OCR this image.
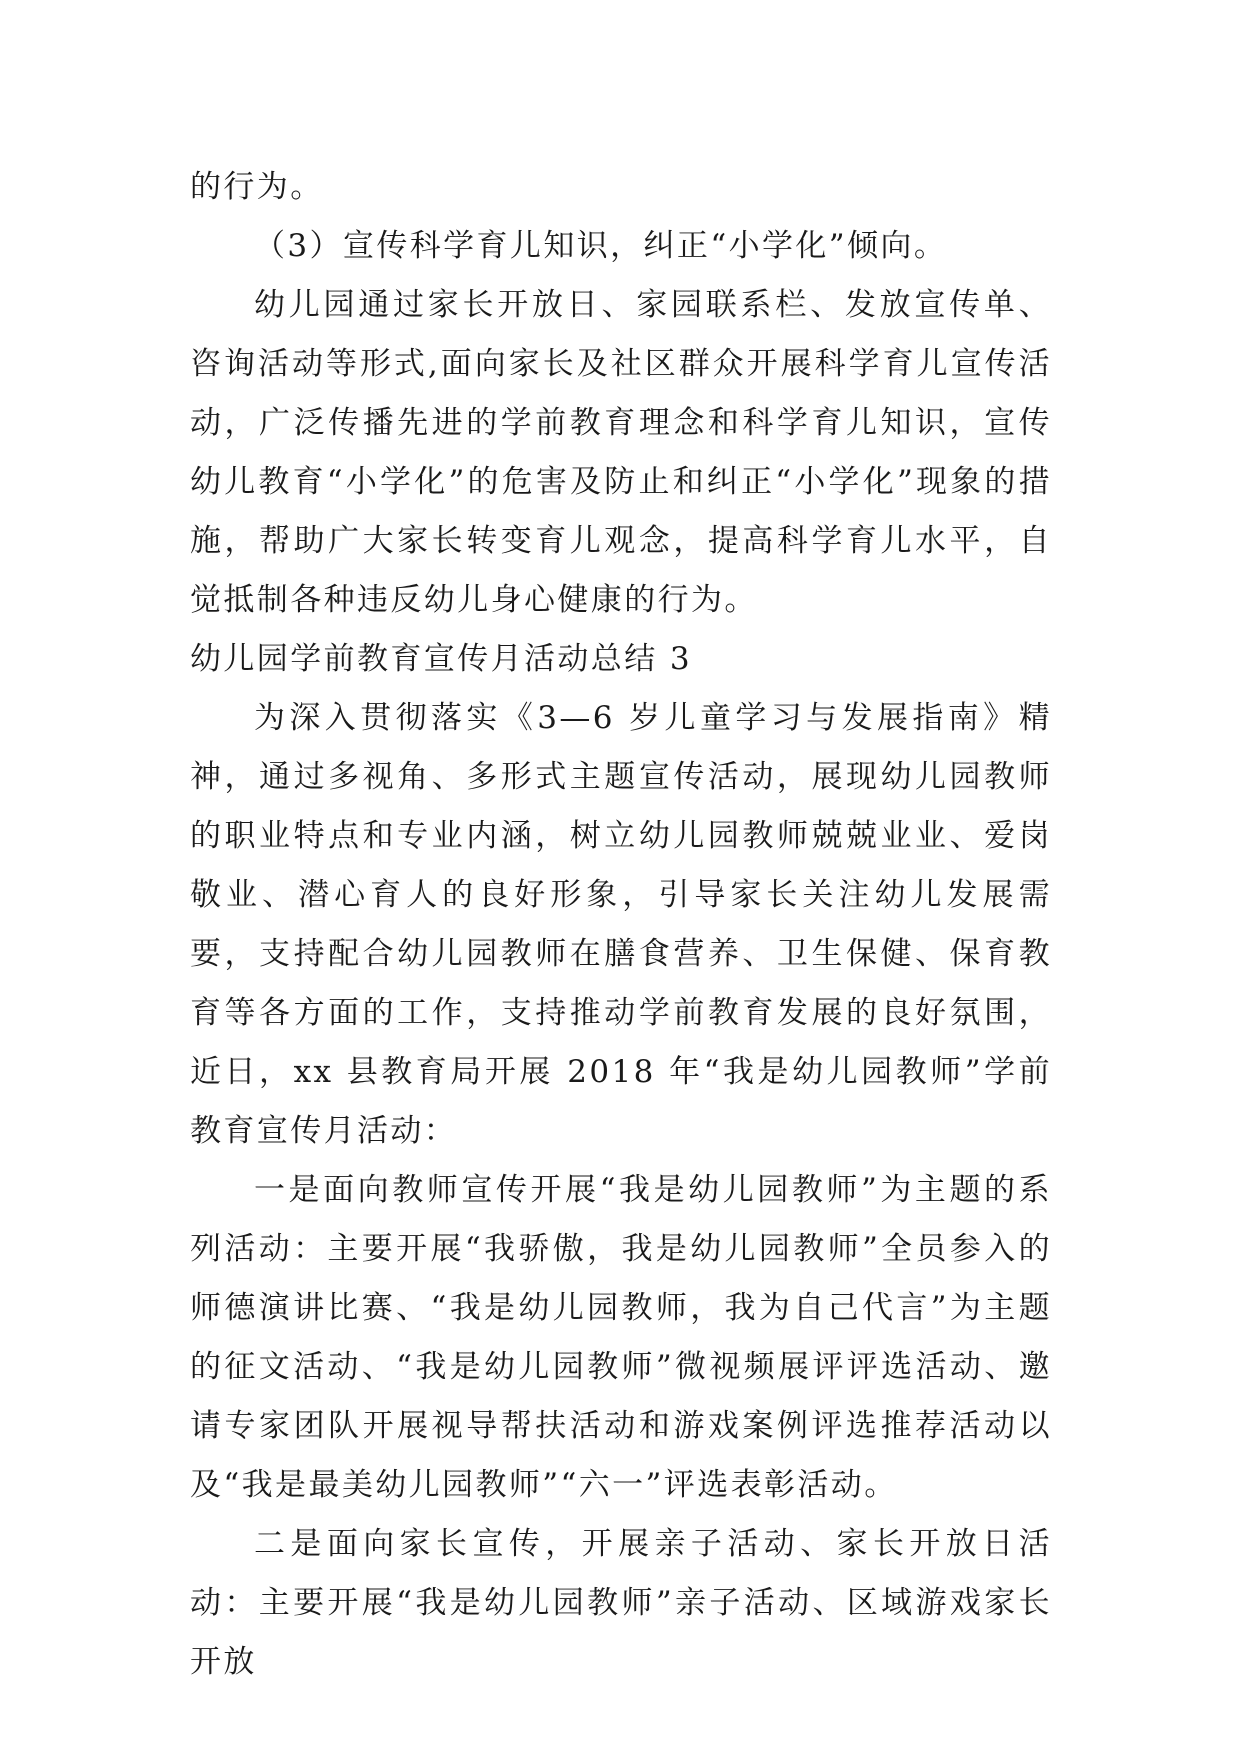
的行为。

（3）宣传科学育儿知识，纠正“小学化”倾向。

幼儿园通过家长开放日、家园联系栏、发放宣传单、咨询活动等形式,面向家长及社区群众开展科学育儿宣传活动，广泛传播先进的学前教育理念和科学育儿知识，宣传幼儿教育“小学化”的危害及防止和纠正“小学化”现象的措施，帮助广大家长转变育儿观念，提高科学育儿水平，自觉抵制各种违反幼儿身心健康的行为。

幼儿园学前教育宣传月活动总结 3

为深入贯彻落实《3—6 岁儿童学习与发展指南》精神，通过多视角、多形式主题宣传活动，展现幼儿园教师的职业特点和专业内涵，树立幼儿园教师兢兢业业、爱岗敬业、潜心育人的良好形象，引导家长关注幼儿发展需要，支持配合幼儿园教师在膳食营养、卫生保健、保育教育等各方面的工作，支持推动学前教育发展的良好氛围，近日，xx 县教育局开展 2018 年“我是幼儿园教师”学前教育宣传月活动：

一是面向教师宣传开展“我是幼儿园教师”为主题的系列活动：主要开展“我骄傲，我是幼儿园教师”全员参入的师德演讲比赛、“我是幼儿园教师，我为自己代言”为主题的征文活动、“我是幼儿园教师”微视频展评评选活动、邀请专家团队开展视导帮扶活动和游戏案例评选推荐活动以及“我是最美幼儿园教师”“六一”评选表彰活动。

二是面向家长宣传，开展亲子活动、家长开放日活动：主要开展“我是幼儿园教师”亲子活动、区域游戏家长开放
